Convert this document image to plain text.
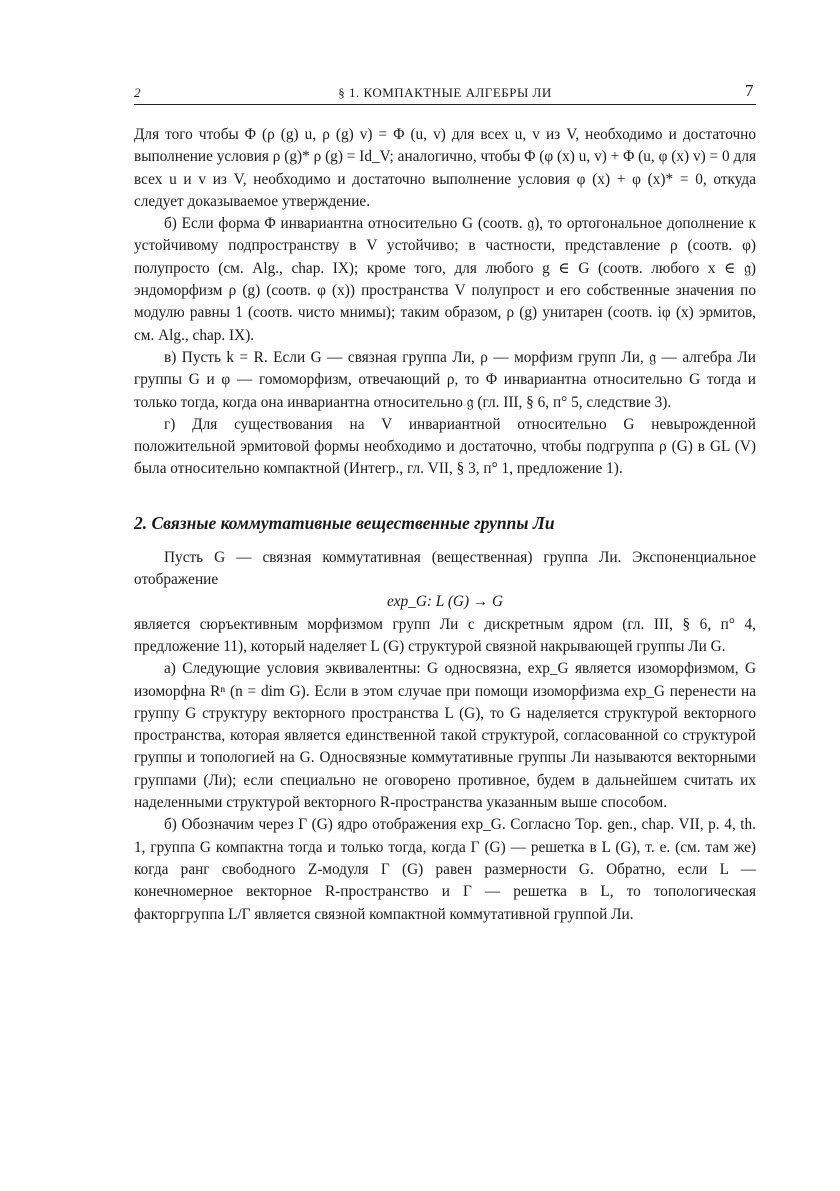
2	§ 1. КОМПАКТНЫЕ АЛГЕБРЫ ЛИ	7

Для того чтобы Φ (ρ (g) u, ρ (g) v) = Φ (u, v) для всех u, v из V, необходимо и достаточно выполнение условия ρ (g)* ρ (g) = Id_V; аналогично, чтобы Φ (φ (x) u, v) + Φ (u, φ (x) v) = 0 для всех u и v из V, необходимо и достаточно выполнение условия φ (x) + φ (x)* = 0, откуда следует доказываемое утверждение.

б) Если форма Φ инвариантна относительно G (соотв. 𝔤), то ортогональное дополнение к устойчивому подпространству в V устойчиво; в частности, представление ρ (соотв. φ) полупросто (см. Alg., chap. IX); кроме того, для любого g ∈ G (соотв. любого x ∈ 𝔤) эндоморфизм ρ (g) (соотв. φ (x)) пространства V полупрост и его собственные значения по модулю равны 1 (соотв. чисто мнимы); таким образом, ρ (g) унитарен (соотв. iφ (x) эрмитов, см. Alg., chap. IX).

в) Пусть k = R. Если G — связная группа Ли, ρ — морфизм групп Ли, 𝔤 — алгебра Ли группы G и φ — гомоморфизм, отвечающий ρ, то Φ инвариантна относительно G тогда и только тогда, когда она инвариантна относительно 𝔤 (гл. III, § 6, п° 5, следствие 3).

г) Для существования на V инвариантной относительно G невырожденной положительной эрмитовой формы необходимо и достаточно, чтобы подгруппа ρ (G) в GL (V) была относительно компактной (Интегр., гл. VII, § 3, п° 1, предложение 1).

2. Связные коммутативные вещественные группы Ли

Пусть G — связная коммутативная (вещественная) группа Ли. Экспоненциальное отображение

exp_G: L (G) → G

является сюръективным морфизмом групп Ли с дискретным ядром (гл. III, § 6, п° 4, предложение 11), который наделяет L (G) структурой связной накрывающей группы Ли G.

а) Следующие условия эквивалентны: G односвязна, exp_G является изоморфизмом, G изоморфна Rⁿ (n = dim G). Если в этом случае при помощи изоморфизма exp_G перенести на группу G структуру векторного пространства L (G), то G наделяется структурой векторного пространства, которая является единственной такой структурой, согласованной со структурой группы и топологией на G. Односвязные коммутативные группы Ли называются векторными группами (Ли); если специально не оговорено противное, будем в дальнейшем считать их наделенными структурой векторного R-пространства указанным выше способом.

б) Обозначим через Γ (G) ядро отображения exp_G. Согласно Top. gen., chap. VII, p. 4, th. 1, группа G компактна тогда и только тогда, когда Γ (G) — решетка в L (G), т. е. (см. там же) когда ранг свободного Z-модуля Γ (G) равен размерности G. Обратно, если L — конечномерное векторное R-пространство и Γ — решетка в L, то топологическая факторгруппа L/Γ является связной компактной коммутативной группой Ли.
